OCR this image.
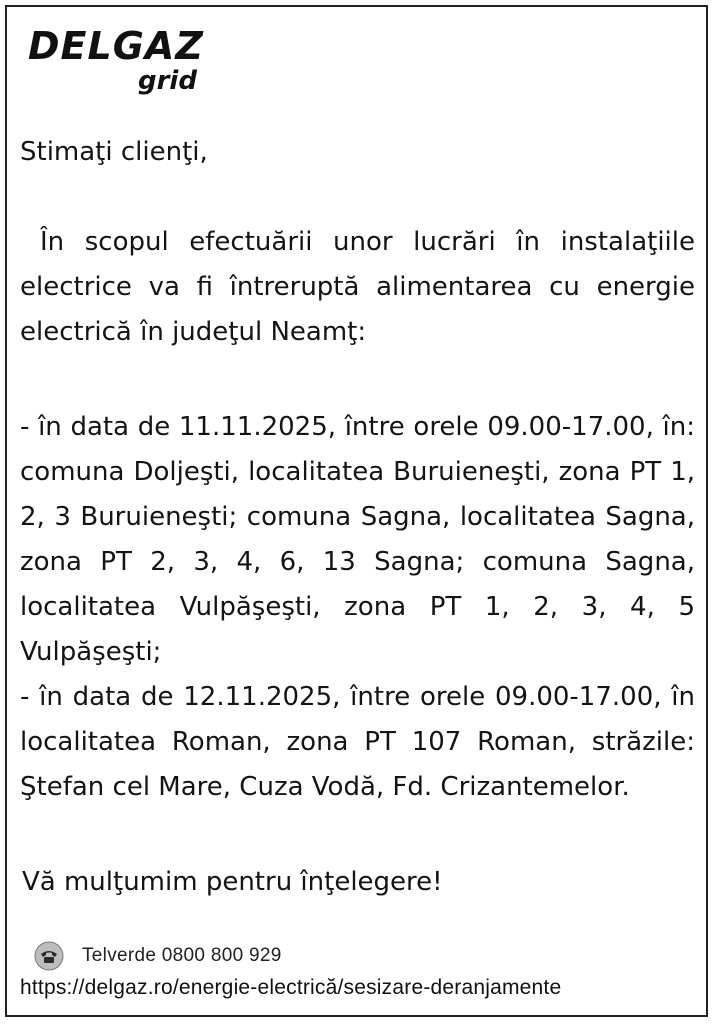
DELGAZ
grid
Stimaţi clienţi,
În scopul efectuării unor lucrări în instalaţiile electrice va fi întreruptă alimentarea cu energie electrică în judeţul Neamţ:

- în data de 11.11.2025, între orele 09.00-17.00, în: comuna Doljeşti, localitatea Buruieneşti, zona PT 1, 2, 3 Buruieneşti; comuna Sagna, localitatea Sagna, zona PT 2, 3, 4, 6, 13 Sagna; comuna Sagna, localitatea Vulpăşeşti, zona PT 1, 2, 3, 4, 5 Vulpăşeşti;

- în data de 12.11.2025, între orele 09.00-17.00, în localitatea Roman, zona PT 107 Roman, străzile: Ştefan cel Mare, Cuza Vodă, Fd. Crizantemelor.

Vă mulţumim pentru înţelegere!
Telverde 0800 800 929
https://delgaz.ro/energie-electrică/sesizare-deranjamente
